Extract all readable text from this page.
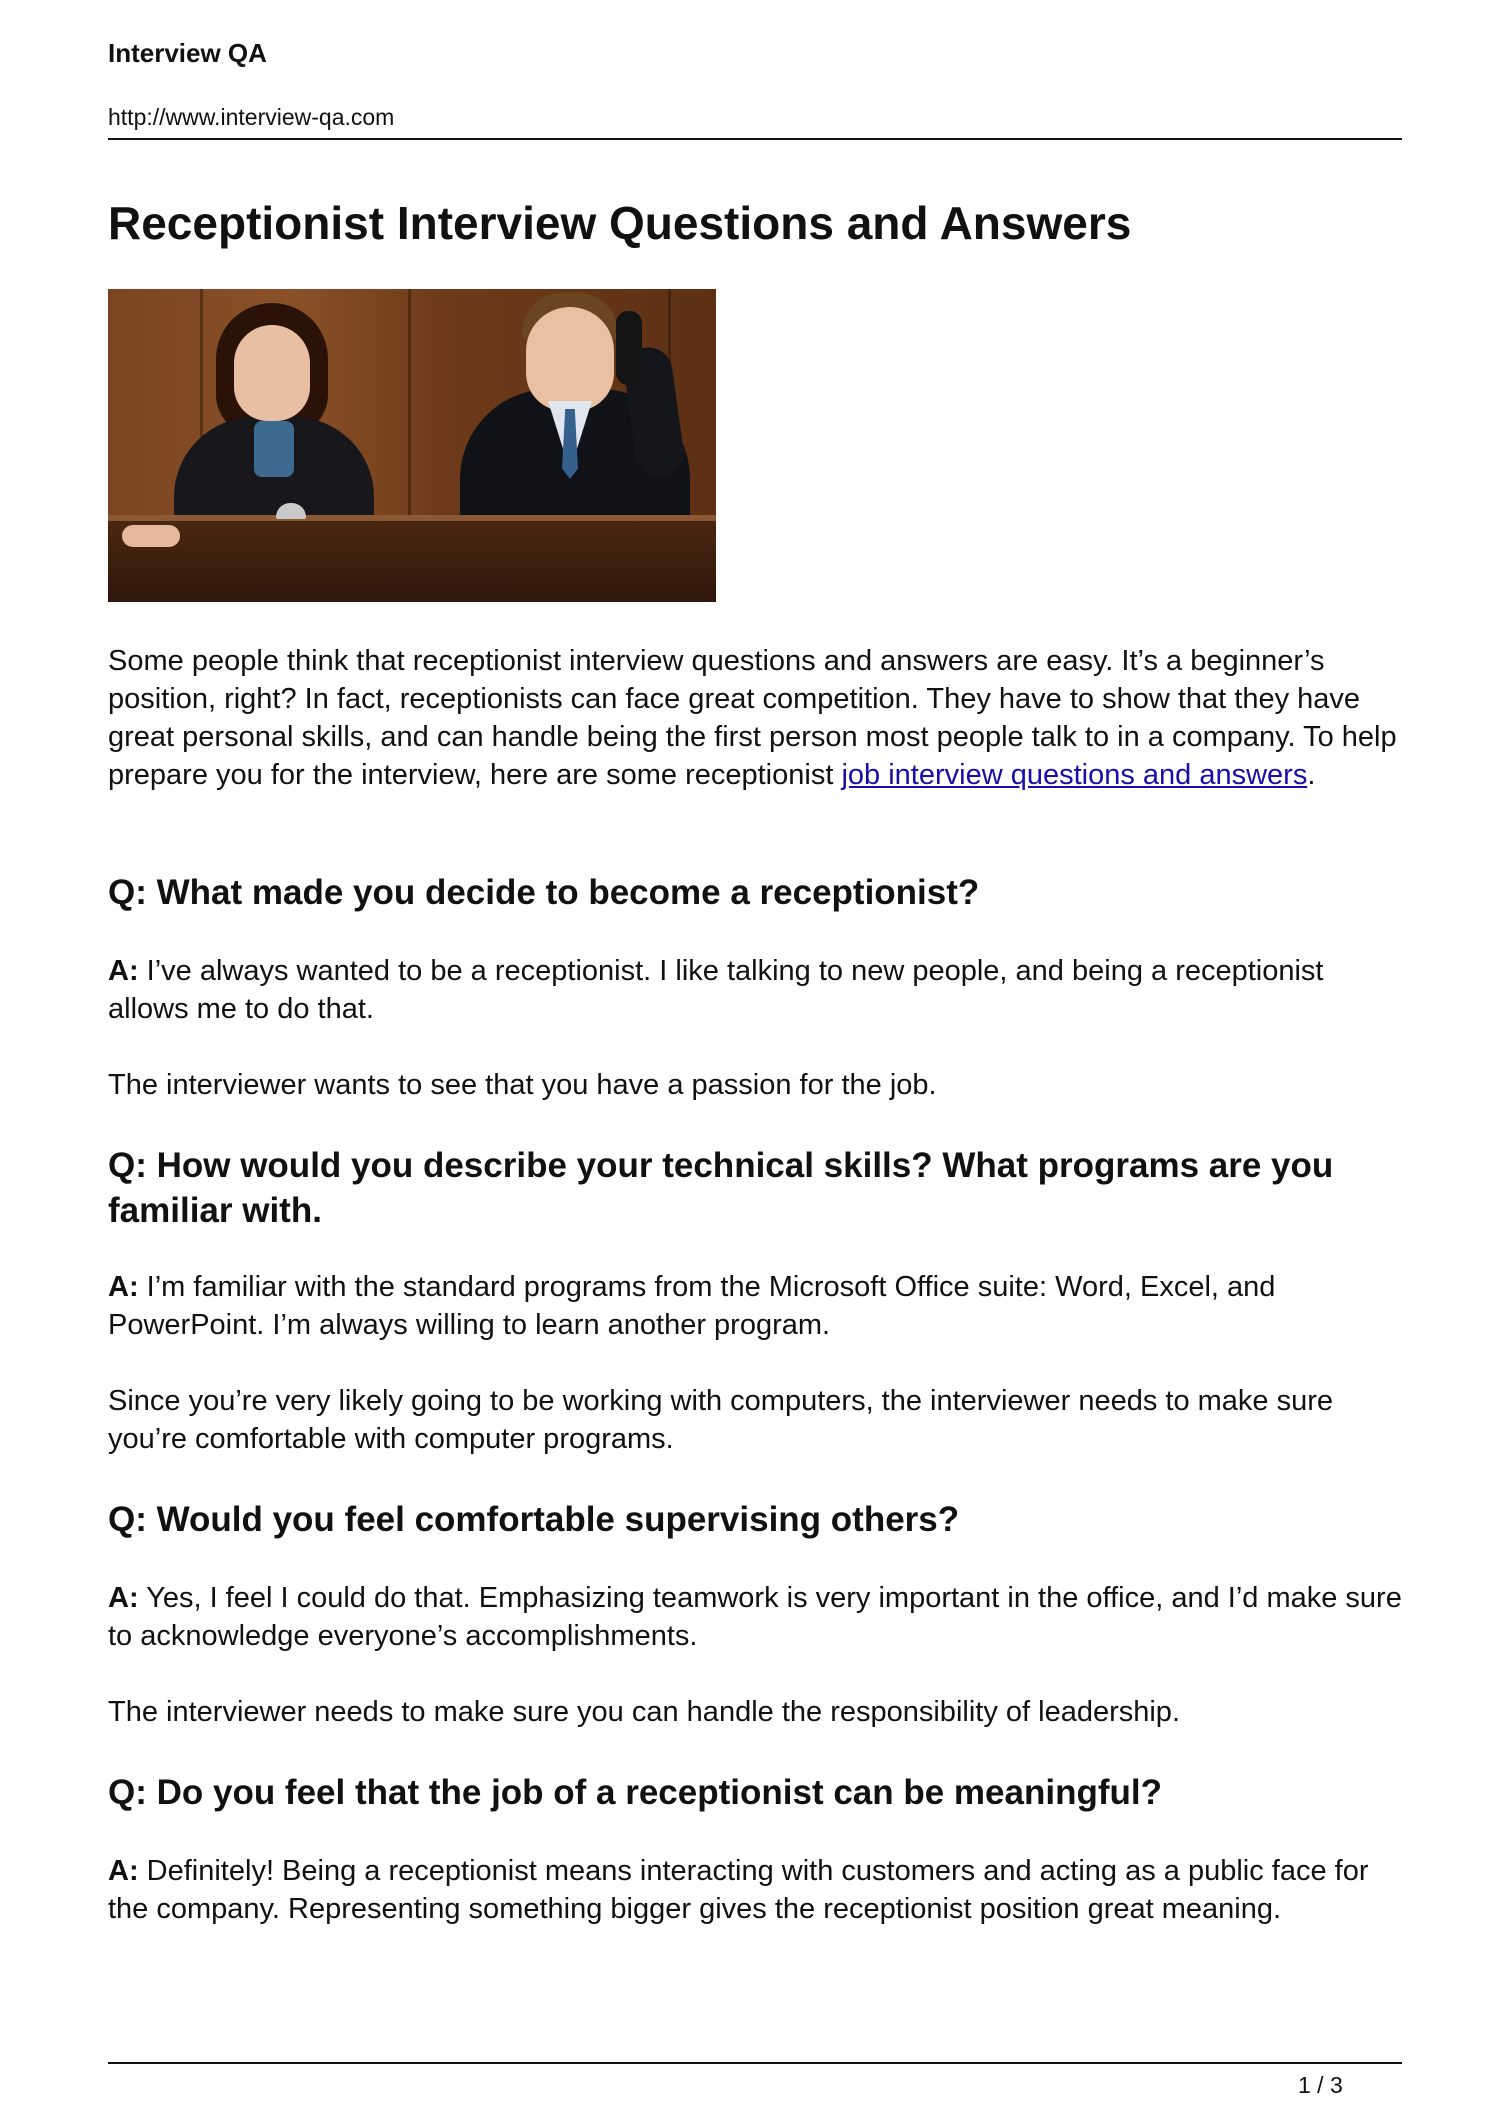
Interview QA
http://www.interview-qa.com
Receptionist Interview Questions and Answers

Some people think that receptionist interview questions and answers are easy. It’s a beginner’s position, right? In fact, receptionists can face great competition. They have to show that they have great personal skills, and can handle being the first person most people talk to in a company. To help prepare you for the interview, here are some receptionist job interview questions and answers.

Q: What made you decide to become a receptionist?

A: I’ve always wanted to be a receptionist. I like talking to new people, and being a receptionist allows me to do that.

The interviewer wants to see that you have a passion for the job.

Q: How would you describe your technical skills? What programs are you familiar with.

A: I’m familiar with the standard programs from the Microsoft Office suite: Word, Excel, and PowerPoint. I’m always willing to learn another program.

Since you’re very likely going to be working with computers, the interviewer needs to make sure you’re comfortable with computer programs.

Q: Would you feel comfortable supervising others?

A: Yes, I feel I could do that. Emphasizing teamwork is very important in the office, and I’d make sure to acknowledge everyone’s accomplishments.

The interviewer needs to make sure you can handle the responsibility of leadership.

Q: Do you feel that the job of a receptionist can be meaningful?

A: Definitely! Being a receptionist means interacting with customers and acting as a public face for the company. Representing something bigger gives the receptionist position great meaning.

1 / 3
